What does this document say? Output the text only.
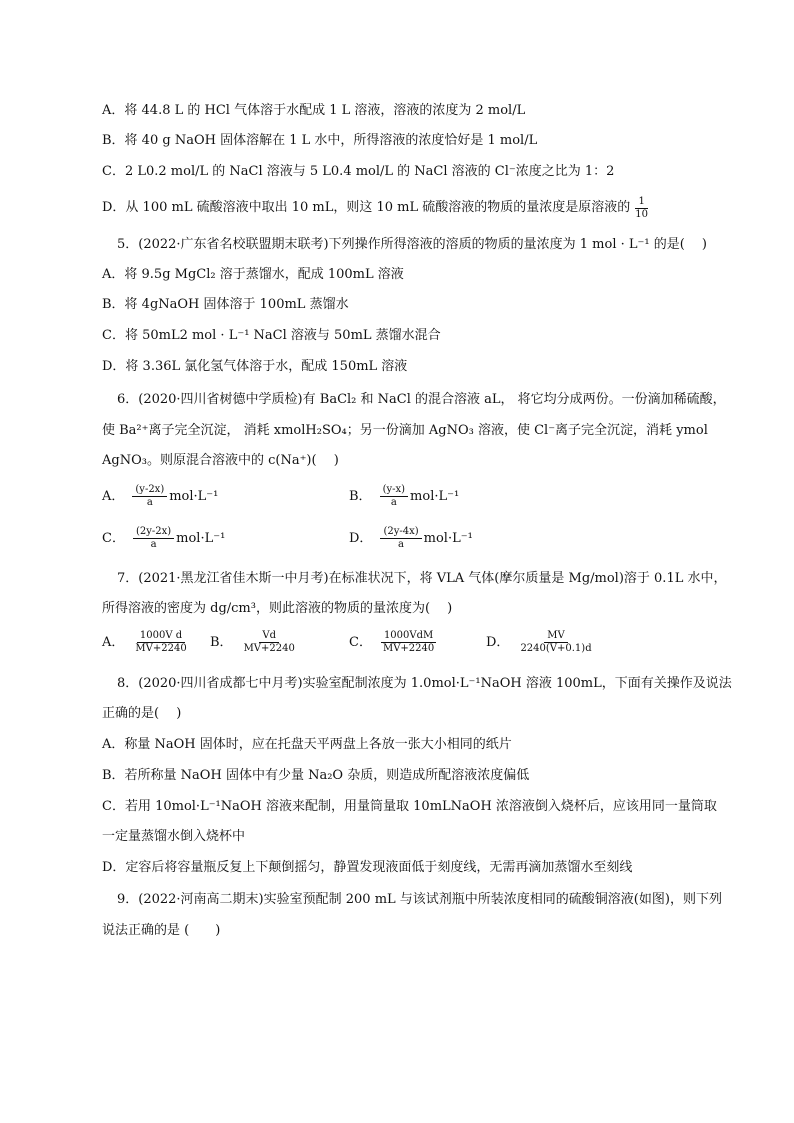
A．将 44.8 L 的 HCl 气体溶于水配成 1 L 溶液，溶液的浓度为 2 mol/L
B．将 40 g NaOH 固体溶解在 1 L 水中，所得溶液的浓度恰好是 1 mol/L
C．2 L0.2 mol/L 的 NaCl 溶液与 5 L0.4 mol/L 的 NaCl 溶液的 Cl⁻浓度之比为 1：2
D．从 100 mL 硫酸溶液中取出 10 mL，则这 10 mL 硫酸溶液的物质的量浓度是原溶液的 $\frac{1}{10}$
5．(2022·广东省名校联盟期末联考)下列操作所得溶液的溶质的物质的量浓度为 1 mol · L⁻¹ 的是(　 )
A．将 9.5g MgCl₂ 溶于蒸馏水，配成 100mL 溶液
B．将 4gNaOH 固体溶于 100mL 蒸馏水
C．将 50mL2 mol · L⁻¹ NaCl 溶液与 50mL 蒸馏水混合
D．将 3.36L 氯化氢气体溶于水，配成 150mL 溶液
6．(2020·四川省树德中学质检)有 BaCl₂ 和 NaCl 的混合溶液 aL， 将它均分成两份。一份滴加稀硫酸，
使 Ba²⁺离子完全沉淀， 消耗 xmolH₂SO₄；另一份滴加 AgNO₃ 溶液，使 Cl⁻离子完全沉淀，消耗 ymol
AgNO₃。则原混合溶液中的 c(Na⁺)(　 )
A． $\frac{(y-2x)}{a} mol\cdot L^{-1}$	B． $\frac{(y-x)}{a} mol\cdot L^{-1}$
C． $\frac{(2y-2x)}{a} mol\cdot L^{-1}$	D． $\frac{(2y-4x)}{a} mol\cdot L^{-1}$
7．(2021·黑龙江省佳木斯一中月考)在标准状况下，将 VLA 气体(摩尔质量是 Mg/mol)溶于 0.1L 水中，
所得溶液的密度为 dg/cm³，则此溶液的物质的量浓度为(　 )
A． $\frac{\text{1000V d}}{MV+2240}$ B． $\frac{Vd}{MV+2240}$	C． $\frac{\text{1000VdM}}{MV+2240}$	D． $\frac{MV}{2240(V+0.1)d}$
8．(2020·四川省成都七中月考)实验室配制浓度为 1.0mol·L⁻¹NaOH 溶液 100mL，下面有关操作及说法
正确的是(　 )
A．称量 NaOH 固体时，应在托盘天平两盘上各放一张大小相同的纸片
B．若所称量 NaOH 固体中有少量 Na₂O 杂质，则造成所配溶液浓度偏低
C．若用 10mol·L⁻¹NaOH 溶液来配制，用量筒量取 10mLNaOH 浓溶液倒入烧杯后，应该用同一量筒取
一定量蒸馏水倒入烧杯中
D．定容后将容量瓶反复上下颠倒摇匀，静置发现液面低于刻度线，无需再滴加蒸馏水至刻线
9．(2022·河南高二期末)实验室预配制 200 mL 与该试剂瓶中所装浓度相同的硫酸铜溶液(如图)，则下列
说法正确的是 (　　)
